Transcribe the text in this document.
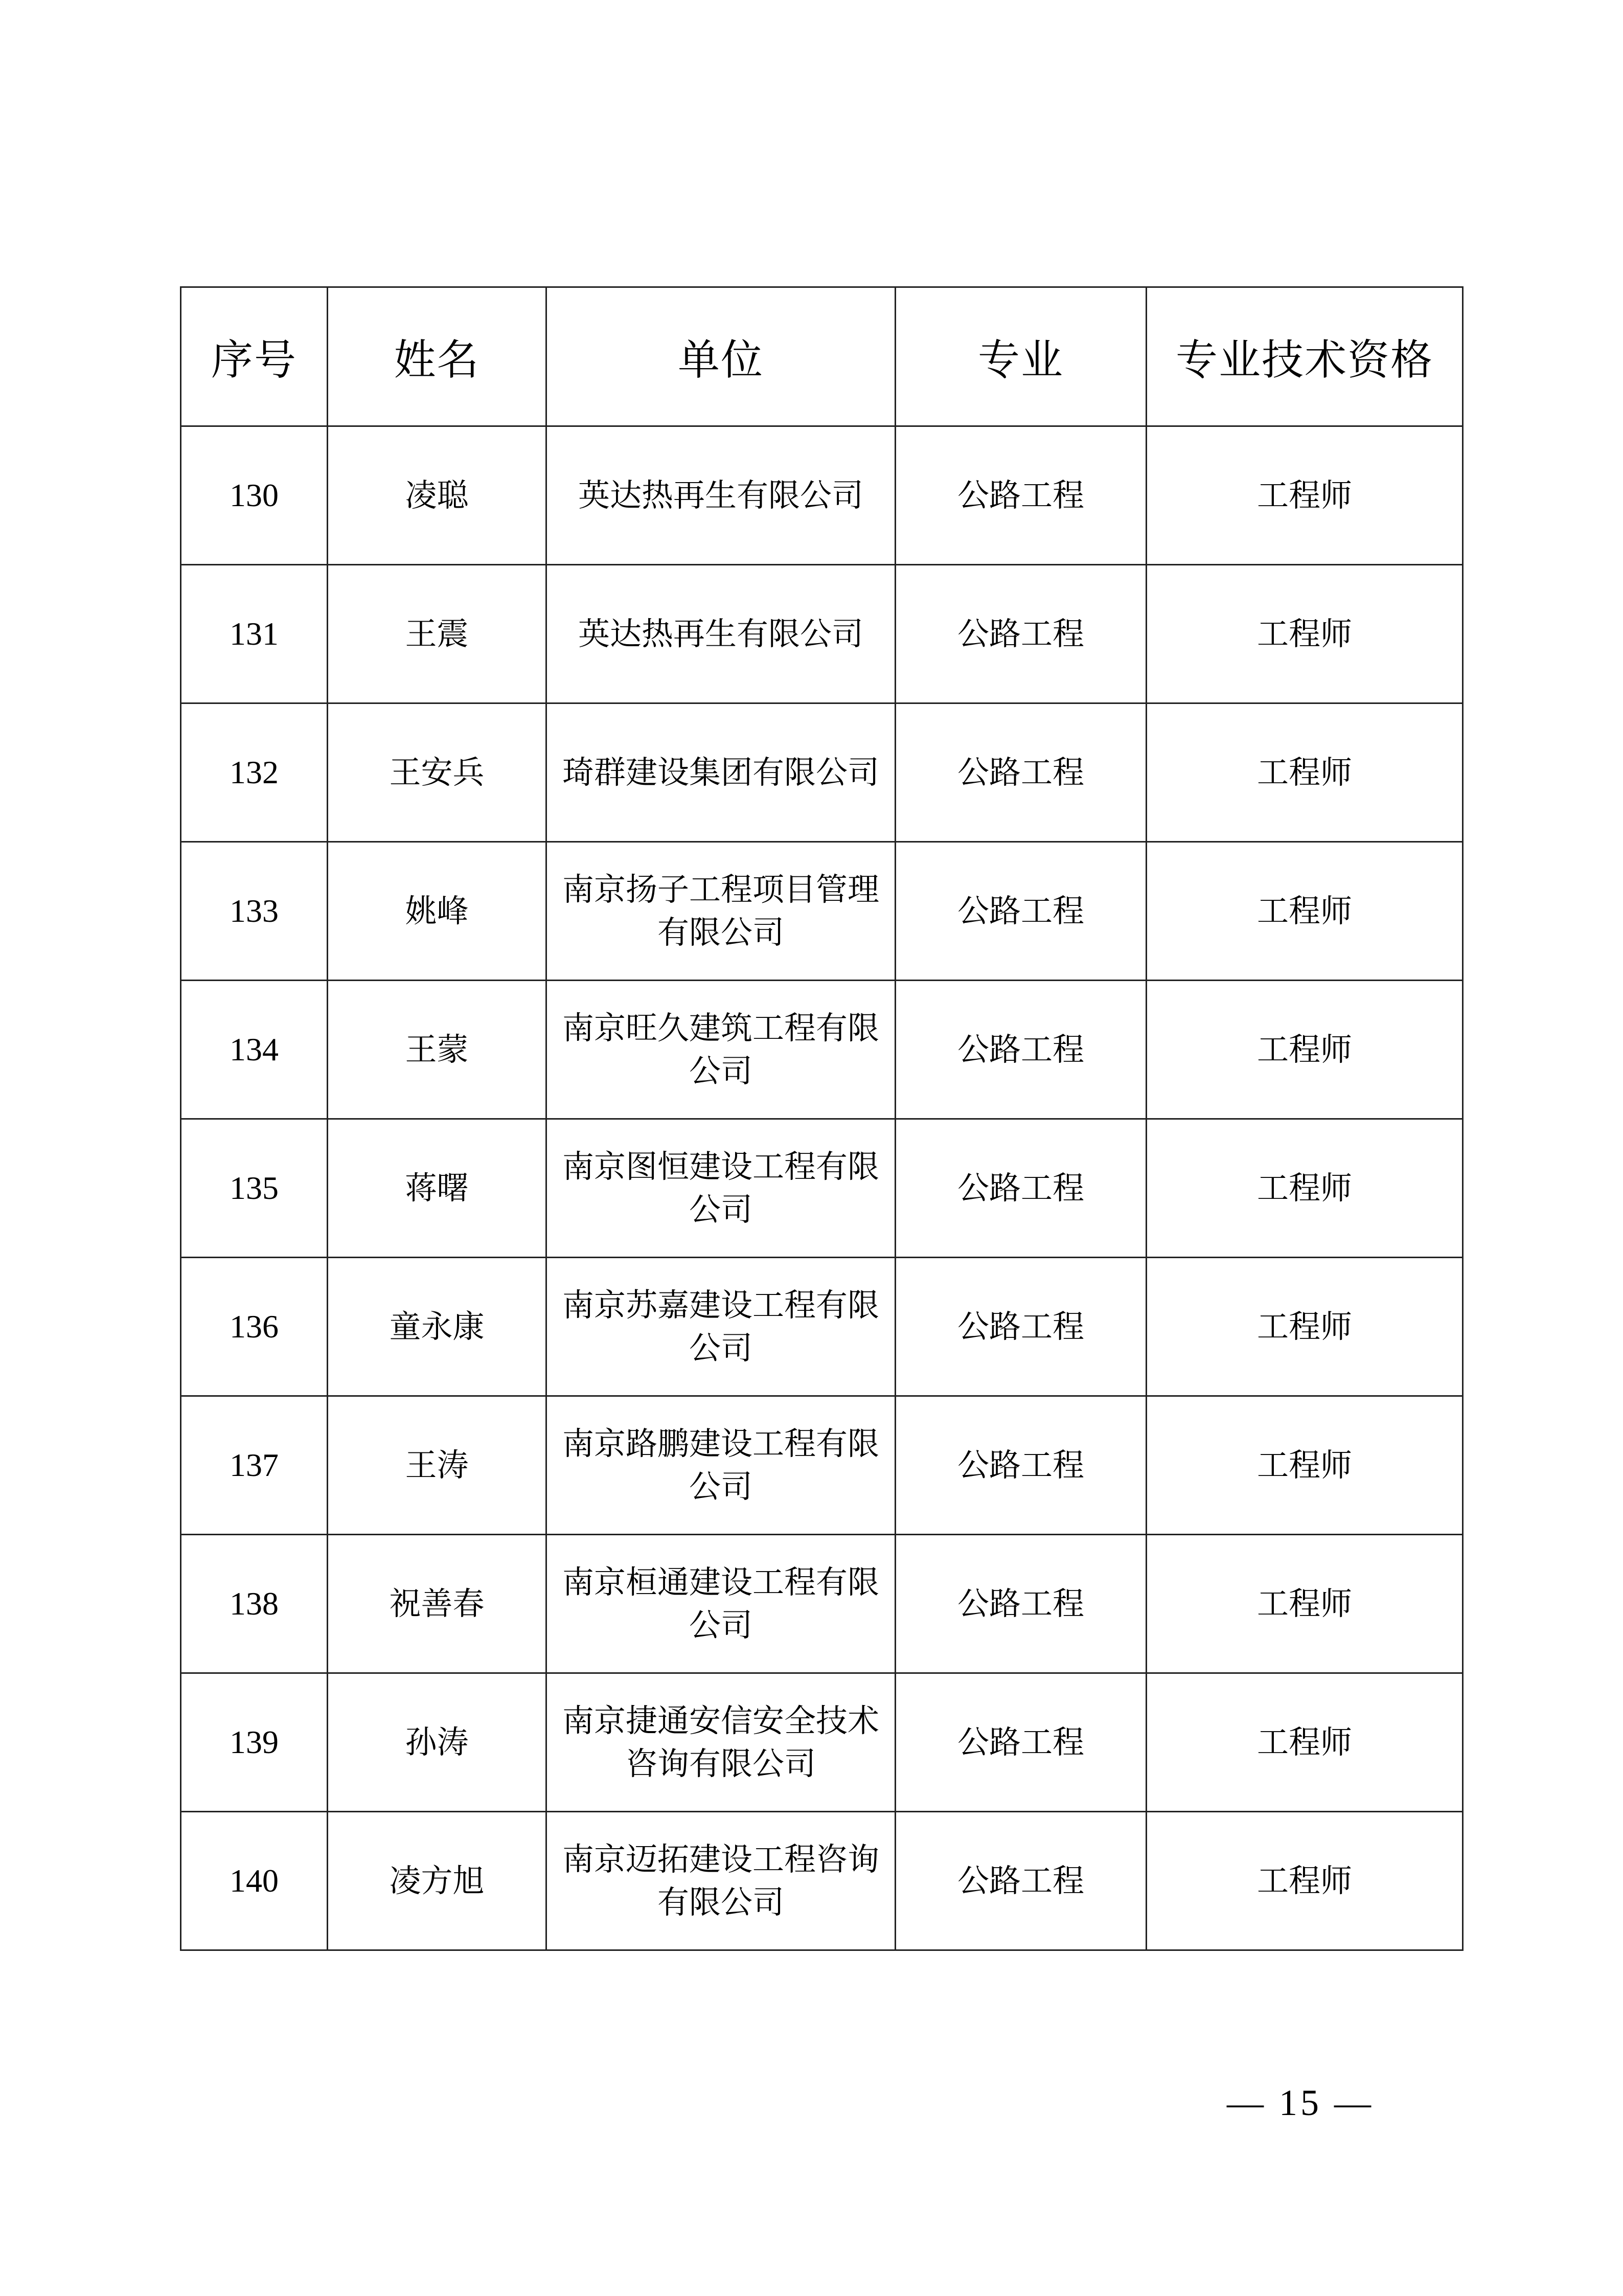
序号	姓名	单位	专业	专业技术资格
130	凌聪	英达热再生有限公司	公路工程	工程师
131	王震	英达热再生有限公司	公路工程	工程师
132	王安兵	琦群建设集团有限公司	公路工程	工程师
133	姚峰	南京扬子工程项目管理有限公司	公路工程	工程师
134	王蒙	南京旺久建筑工程有限公司	公路工程	工程师
135	蒋曙	南京图恒建设工程有限公司	公路工程	工程师
136	童永康	南京苏嘉建设工程有限公司	公路工程	工程师
137	王涛	南京路鹏建设工程有限公司	公路工程	工程师
138	祝善春	南京桓通建设工程有限公司	公路工程	工程师
139	孙涛	南京捷通安信安全技术咨询有限公司	公路工程	工程师
140	凌方旭	南京迈拓建设工程咨询有限公司	公路工程	工程师
— 15 —
